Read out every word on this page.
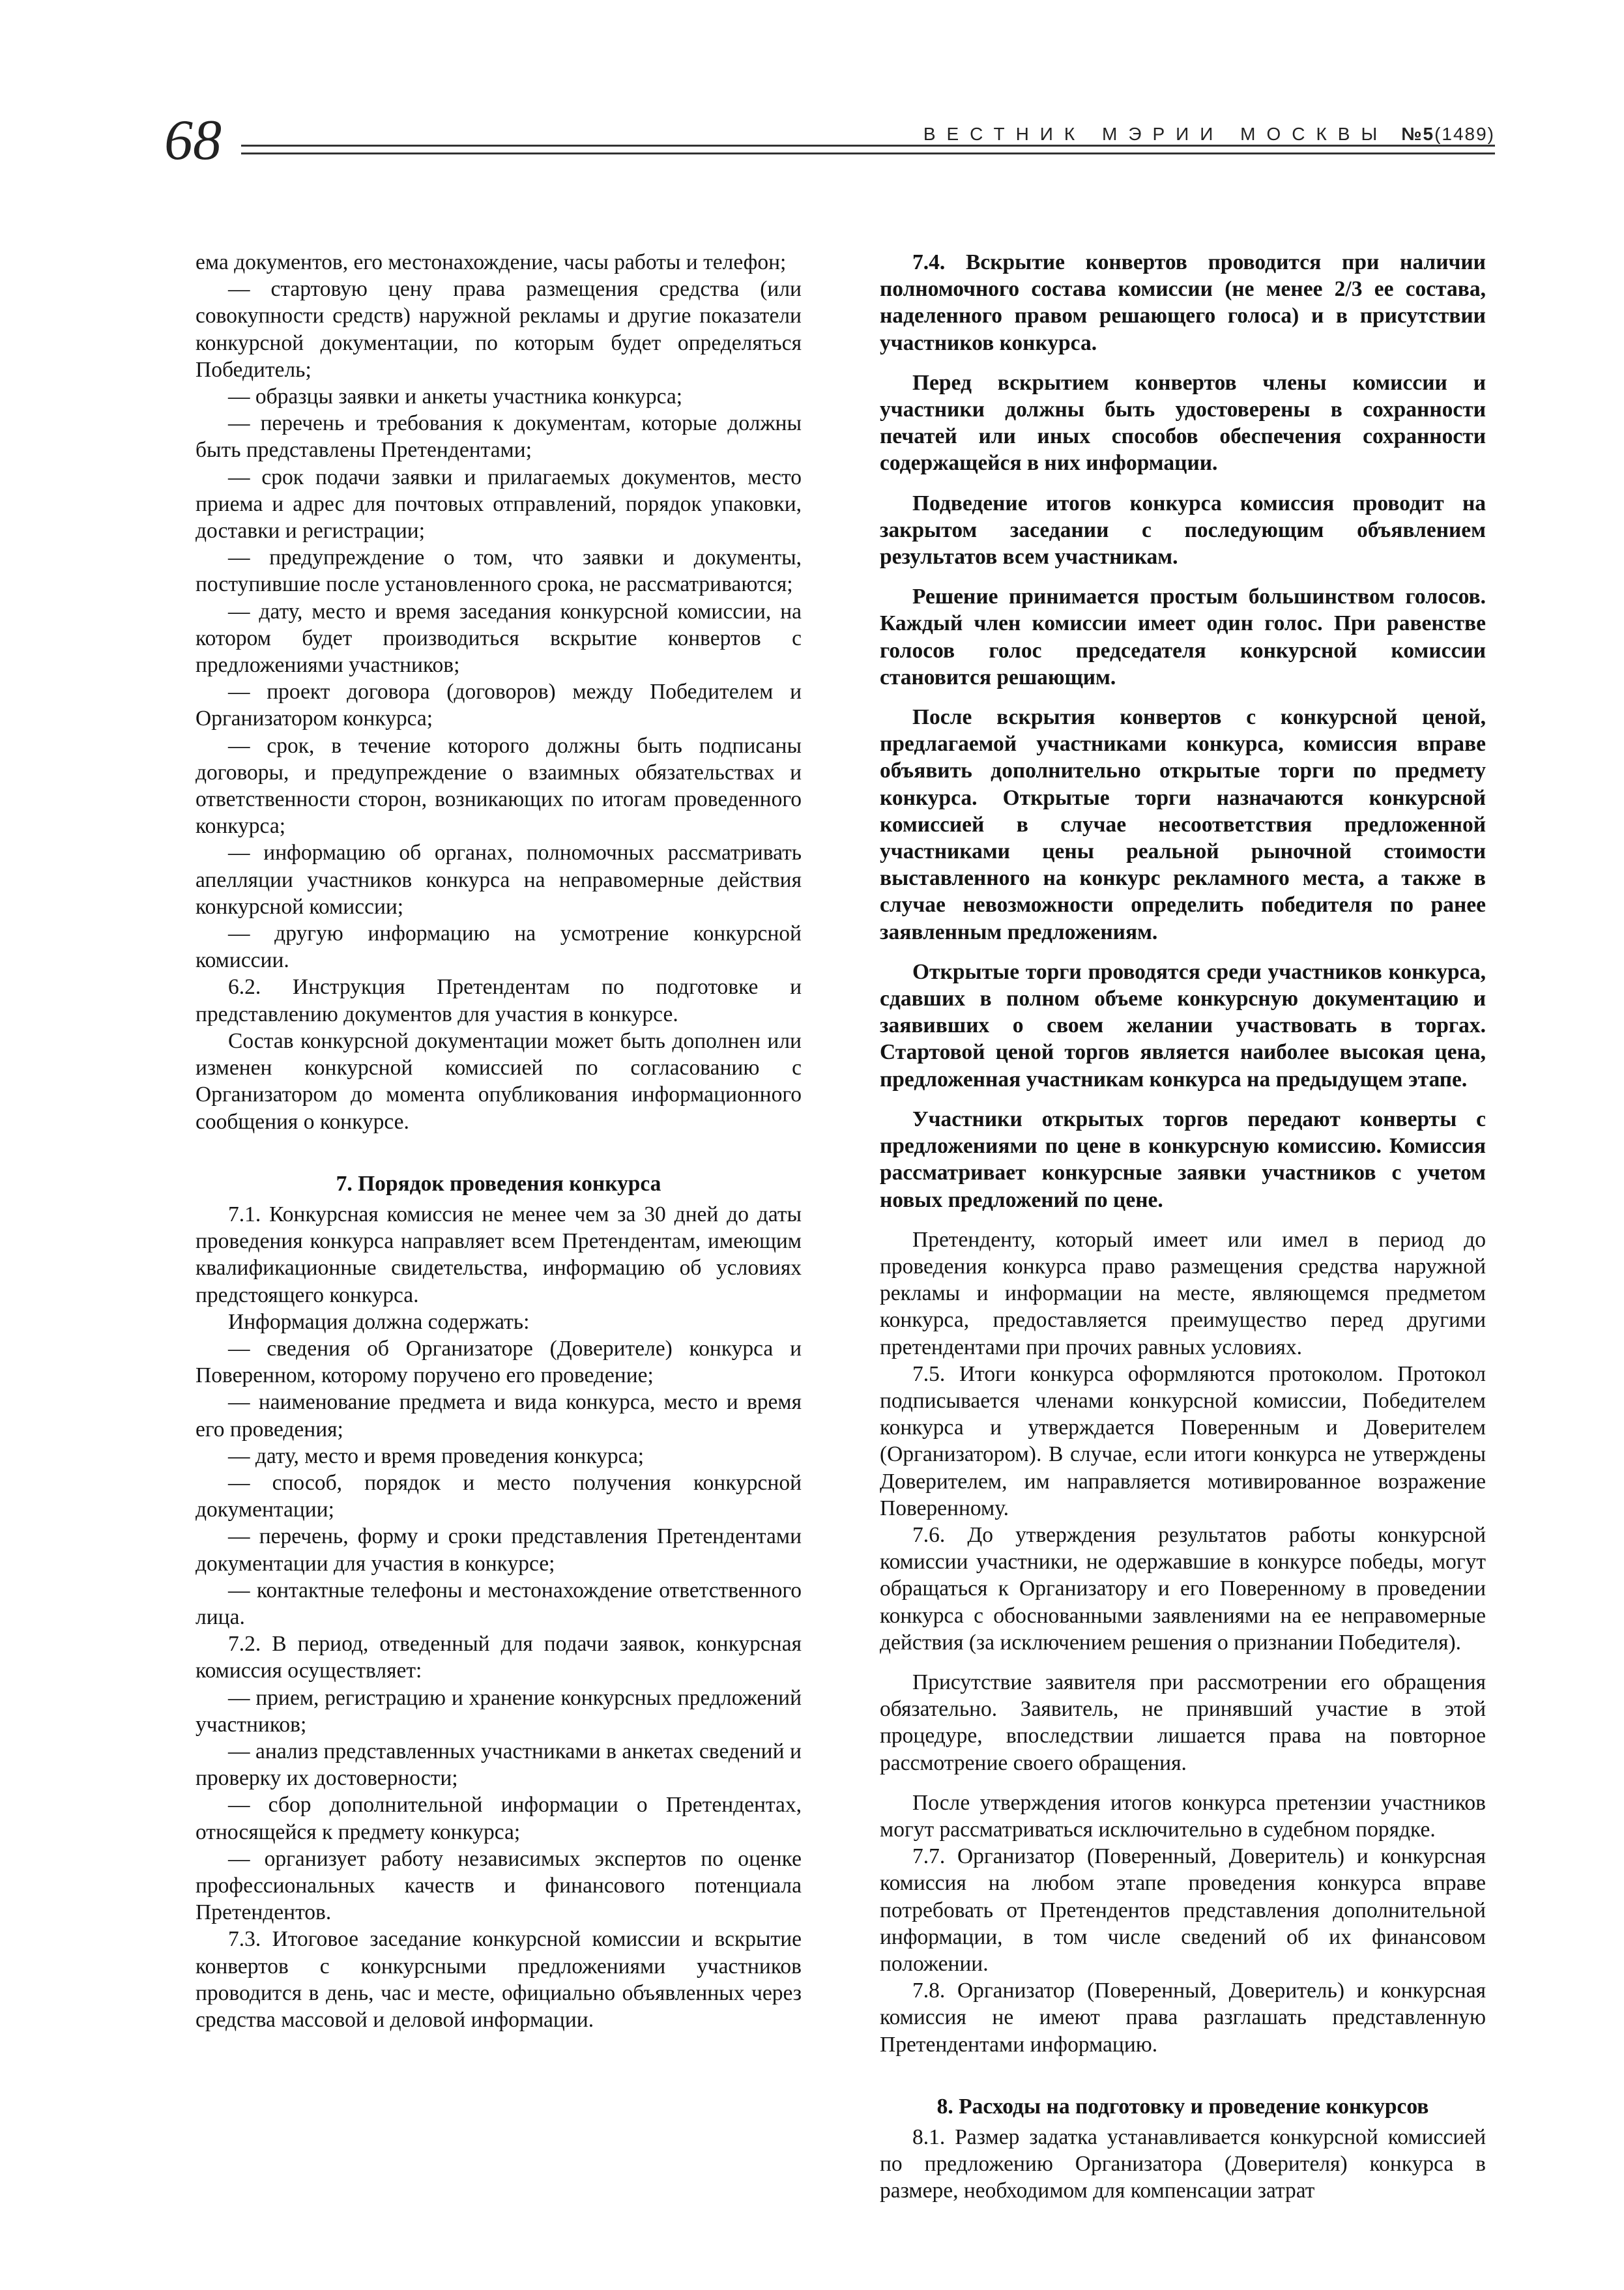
68	ВЕСТНИК МЭРИИ МОСКВЫ №5(1489)

ема документов, его местонахождение, часы работы и телефон;

— стартовую цену права размещения средства (или совокупности средств) наружной рекламы и другие показатели конкурсной документации, по которым будет определяться Победитель;

— образцы заявки и анкеты участника конкурса;

— перечень и требования к документам, которые должны быть представлены Претендентами;

— срок подачи заявки и прилагаемых документов, место приема и адрес для почтовых отправлений, порядок упаковки, доставки и регистрации;

— предупреждение о том, что заявки и документы, поступившие после установленного срока, не рассматриваются;

— дату, место и время заседания конкурсной комиссии, на котором будет производиться вскрытие конвертов с предложениями участников;

— проект договора (договоров) между Победителем и Организатором конкурса;

— срок, в течение которого должны быть подписаны договоры, и предупреждение о взаимных обязательствах и ответственности сторон, возникающих по итогам проведенного конкурса;

— информацию об органах, полномочных рассматривать апелляции участников конкурса на неправомерные действия конкурсной комиссии;

— другую информацию на усмотрение конкурсной комиссии.

6.2. Инструкция Претендентам по подготовке и представлению документов для участия в конкурсе.

Состав конкурсной документации может быть дополнен или изменен конкурсной комиссией по согласованию с Организатором до момента опубликования информационного сообщения о конкурсе.

7. Порядок проведения конкурса

7.1. Конкурсная комиссия не менее чем за 30 дней до даты проведения конкурса направляет всем Претендентам, имеющим квалификационные свидетельства, информацию об условиях предстоящего конкурса.

Информация должна содержать:

— сведения об Организаторе (Доверителе) конкурса и Поверенном, которому поручено его проведение;

— наименование предмета и вида конкурса, место и время его проведения;

— дату, место и время проведения конкурса;

— способ, порядок и место получения конкурсной документации;

— перечень, форму и сроки представления Претендентами документации для участия в конкурсе;

— контактные телефоны и местонахождение ответственного лица.

7.2. В период, отведенный для подачи заявок, конкурсная комиссия осуществляет:

— прием, регистрацию и хранение конкурсных предложений участников;

— анализ представленных участниками в анкетах сведений и проверку их достоверности;

— сбор дополнительной информации о Претендентах, относящейся к предмету конкурса;

— организует работу независимых экспертов по оценке профессиональных качеств и финансового потенциала Претендентов.

7.3. Итоговое заседание конкурсной комиссии и вскрытие конвертов с конкурсными предложениями участников проводится в день, час и месте, официально объявленных через средства массовой и деловой информации.

7.4. Вскрытие конвертов проводится при наличии полномочного состава комиссии (не менее 2/3 ее состава, наделенного правом решающего голоса) и в присутствии участников конкурса.

Перед вскрытием конвертов члены комиссии и участники должны быть удостоверены в сохранности печатей или иных способов обеспечения сохранности содержащейся в них информации.

Подведение итогов конкурса комиссия проводит на закрытом заседании с последующим объявлением результатов всем участникам.

Решение принимается простым большинством голосов. Каждый член комиссии имеет один голос. При равенстве голосов голос председателя конкурсной комиссии становится решающим.

После вскрытия конвертов с конкурсной ценой, предлагаемой участниками конкурса, комиссия вправе объявить дополнительно открытые торги по предмету конкурса. Открытые торги назначаются конкурсной комиссией в случае несоответствия предложенной участниками цены реальной рыночной стоимости выставленного на конкурс рекламного места, а также в случае невозможности определить победителя по ранее заявленным предложениям.

Открытые торги проводятся среди участников конкурса, сдавших в полном объеме конкурсную документацию и заявивших о своем желании участвовать в торгах. Стартовой ценой торгов является наиболее высокая цена, предложенная участникам конкурса на предыдущем этапе.

Участники открытых торгов передают конверты с предложениями по цене в конкурсную комиссию. Комиссия рассматривает конкурсные заявки участников с учетом новых предложений по цене.

Претенденту, который имеет или имел в период до проведения конкурса право размещения средства наружной рекламы и информации на месте, являющемся предметом конкурса, предоставляется преимущество перед другими претендентами при прочих равных условиях.

7.5. Итоги конкурса оформляются протоколом. Протокол подписывается членами конкурсной комиссии, Победителем конкурса и утверждается Поверенным и Доверителем (Организатором). В случае, если итоги конкурса не утверждены Доверителем, им направляется мотивированное возражение Поверенному.

7.6. До утверждения результатов работы конкурсной комиссии участники, не одержавшие в конкурсе победы, могут обращаться к Организатору и его Поверенному в проведении конкурса с обоснованными заявлениями на ее неправомерные действия (за исключением решения о признании Победителя).

Присутствие заявителя при рассмотрении его обращения обязательно. Заявитель, не принявший участие в этой процедуре, впоследствии лишается права на повторное рассмотрение своего обращения.

После утверждения итогов конкурса претензии участников могут рассматриваться исключительно в судебном порядке.

7.7. Организатор (Поверенный, Доверитель) и конкурсная комиссия на любом этапе проведения конкурса вправе потребовать от Претендентов представления дополнительной информации, в том числе сведений об их финансовом положении.

7.8. Организатор (Поверенный, Доверитель) и конкурсная комиссия не имеют права разглашать представленную Претендентами информацию.

8. Расходы на подготовку и проведение конкурсов

8.1. Размер задатка устанавливается конкурсной комиссией по предложению Организатора (Доверителя) конкурса в размере, необходимом для компенсации затрат
